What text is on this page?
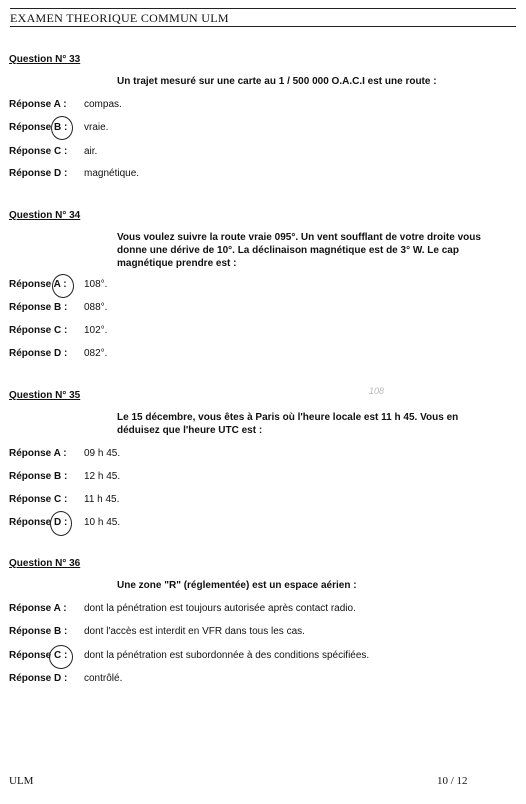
EXAMEN THEORIQUE COMMUN ULM
Question N° 33
Un trajet mesuré sur une carte au 1 / 500 000 O.A.C.I est une route :
Réponse A : compas.
Réponse B : vraie.
Réponse C : air.
Réponse D : magnétique.
Question N° 34
Vous voulez suivre la route vraie 095°. Un vent soufflant de votre droite vous donne une dérive de 10°. La déclinaison magnétique est de 3° W. Le cap magnétique prendre est :
Réponse A : 108°.
Réponse B : 088°.
Réponse C : 102°.
Réponse D : 082°.
108
Question N° 35
Le 15 décembre, vous êtes à Paris où l'heure locale est 11 h 45. Vous en déduisez que l'heure UTC est :
Réponse A : 09 h 45.
Réponse B : 12 h 45.
Réponse C : 11 h 45.
Réponse D : 10 h 45.
Question N° 36
Une zone "R" (réglementée) est un espace aérien :
Réponse A : dont la pénétration est toujours autorisée après contact radio.
Réponse B : dont l'accès est interdit en VFR dans tous les cas.
Réponse C : dont la pénétration est subordonnée à des conditions spécifiées.
Réponse D : contrôlé.
ULM	10 / 12
